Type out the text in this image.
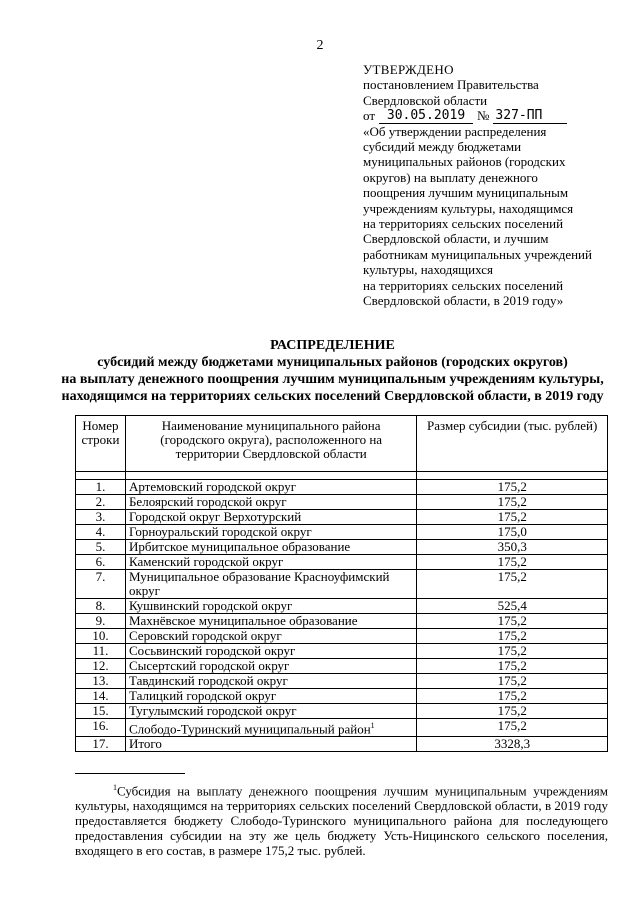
2
УТВЕРЖДЕНО
постановлением Правительства
Свердловской области
от 30.05.2019 № 327-ПП
«Об утверждении распределения
субсидий между бюджетами
муниципальных районов (городских
округов) на выплату денежного
поощрения лучшим муниципальным
учреждениям культуры, находящимся
на территориях сельских поселений
Свердловской области, и лучшим
работникам муниципальных учреждений
культуры, находящихся
на территориях сельских поселений
Свердловской области, в 2019 году»
РАСПРЕДЕЛЕНИЕ
субсидий между бюджетами муниципальных районов (городских округов)
на выплату денежного поощрения лучшим муниципальным учреждениям культуры,
находящимся на территориях сельских поселений Свердловской области, в 2019 году
Номер строки	Наименование муниципального района (городского округа), расположенного на территории Свердловской области	Размер субсидии (тыс. рублей)

1.	Артемовский городской округ	175,2
2.	Белоярский городской округ	175,2
3.	Городской округ Верхотурский	175,2
4.	Горноуральский городской округ	175,0
5.	Ирбитское муниципальное образование	350,3
6.	Каменский городской округ	175,2
7.	Муниципальное образование Красноуфимский округ	175,2
8.	Кушвинский городской округ	525,4
9.	Махнёвское муниципальное образование	175,2
10.	Серовский городской округ	175,2
11.	Сосьвинский городской округ	175,2
12.	Сысертский городской округ	175,2
13.	Тавдинский городской округ	175,2
14.	Талицкий городской округ	175,2
15.	Тугулымский городской округ	175,2
16.	Слободо-Туринский муниципальный район$^1$	175,2
17.	Итого	3328,3
$^1$Субсидия на выплату денежного поощрения лучшим муниципальным учреждениям культуры, находящимся на территориях сельских поселений Свердловской области, в 2019 году предоставляется бюджету Слободо-Туринского муниципального района для последующего предоставления субсидии на эту же цель бюджету Усть-Ницинского сельского поселения, входящего в его состав, в размере 175,2 тыс. рублей.
